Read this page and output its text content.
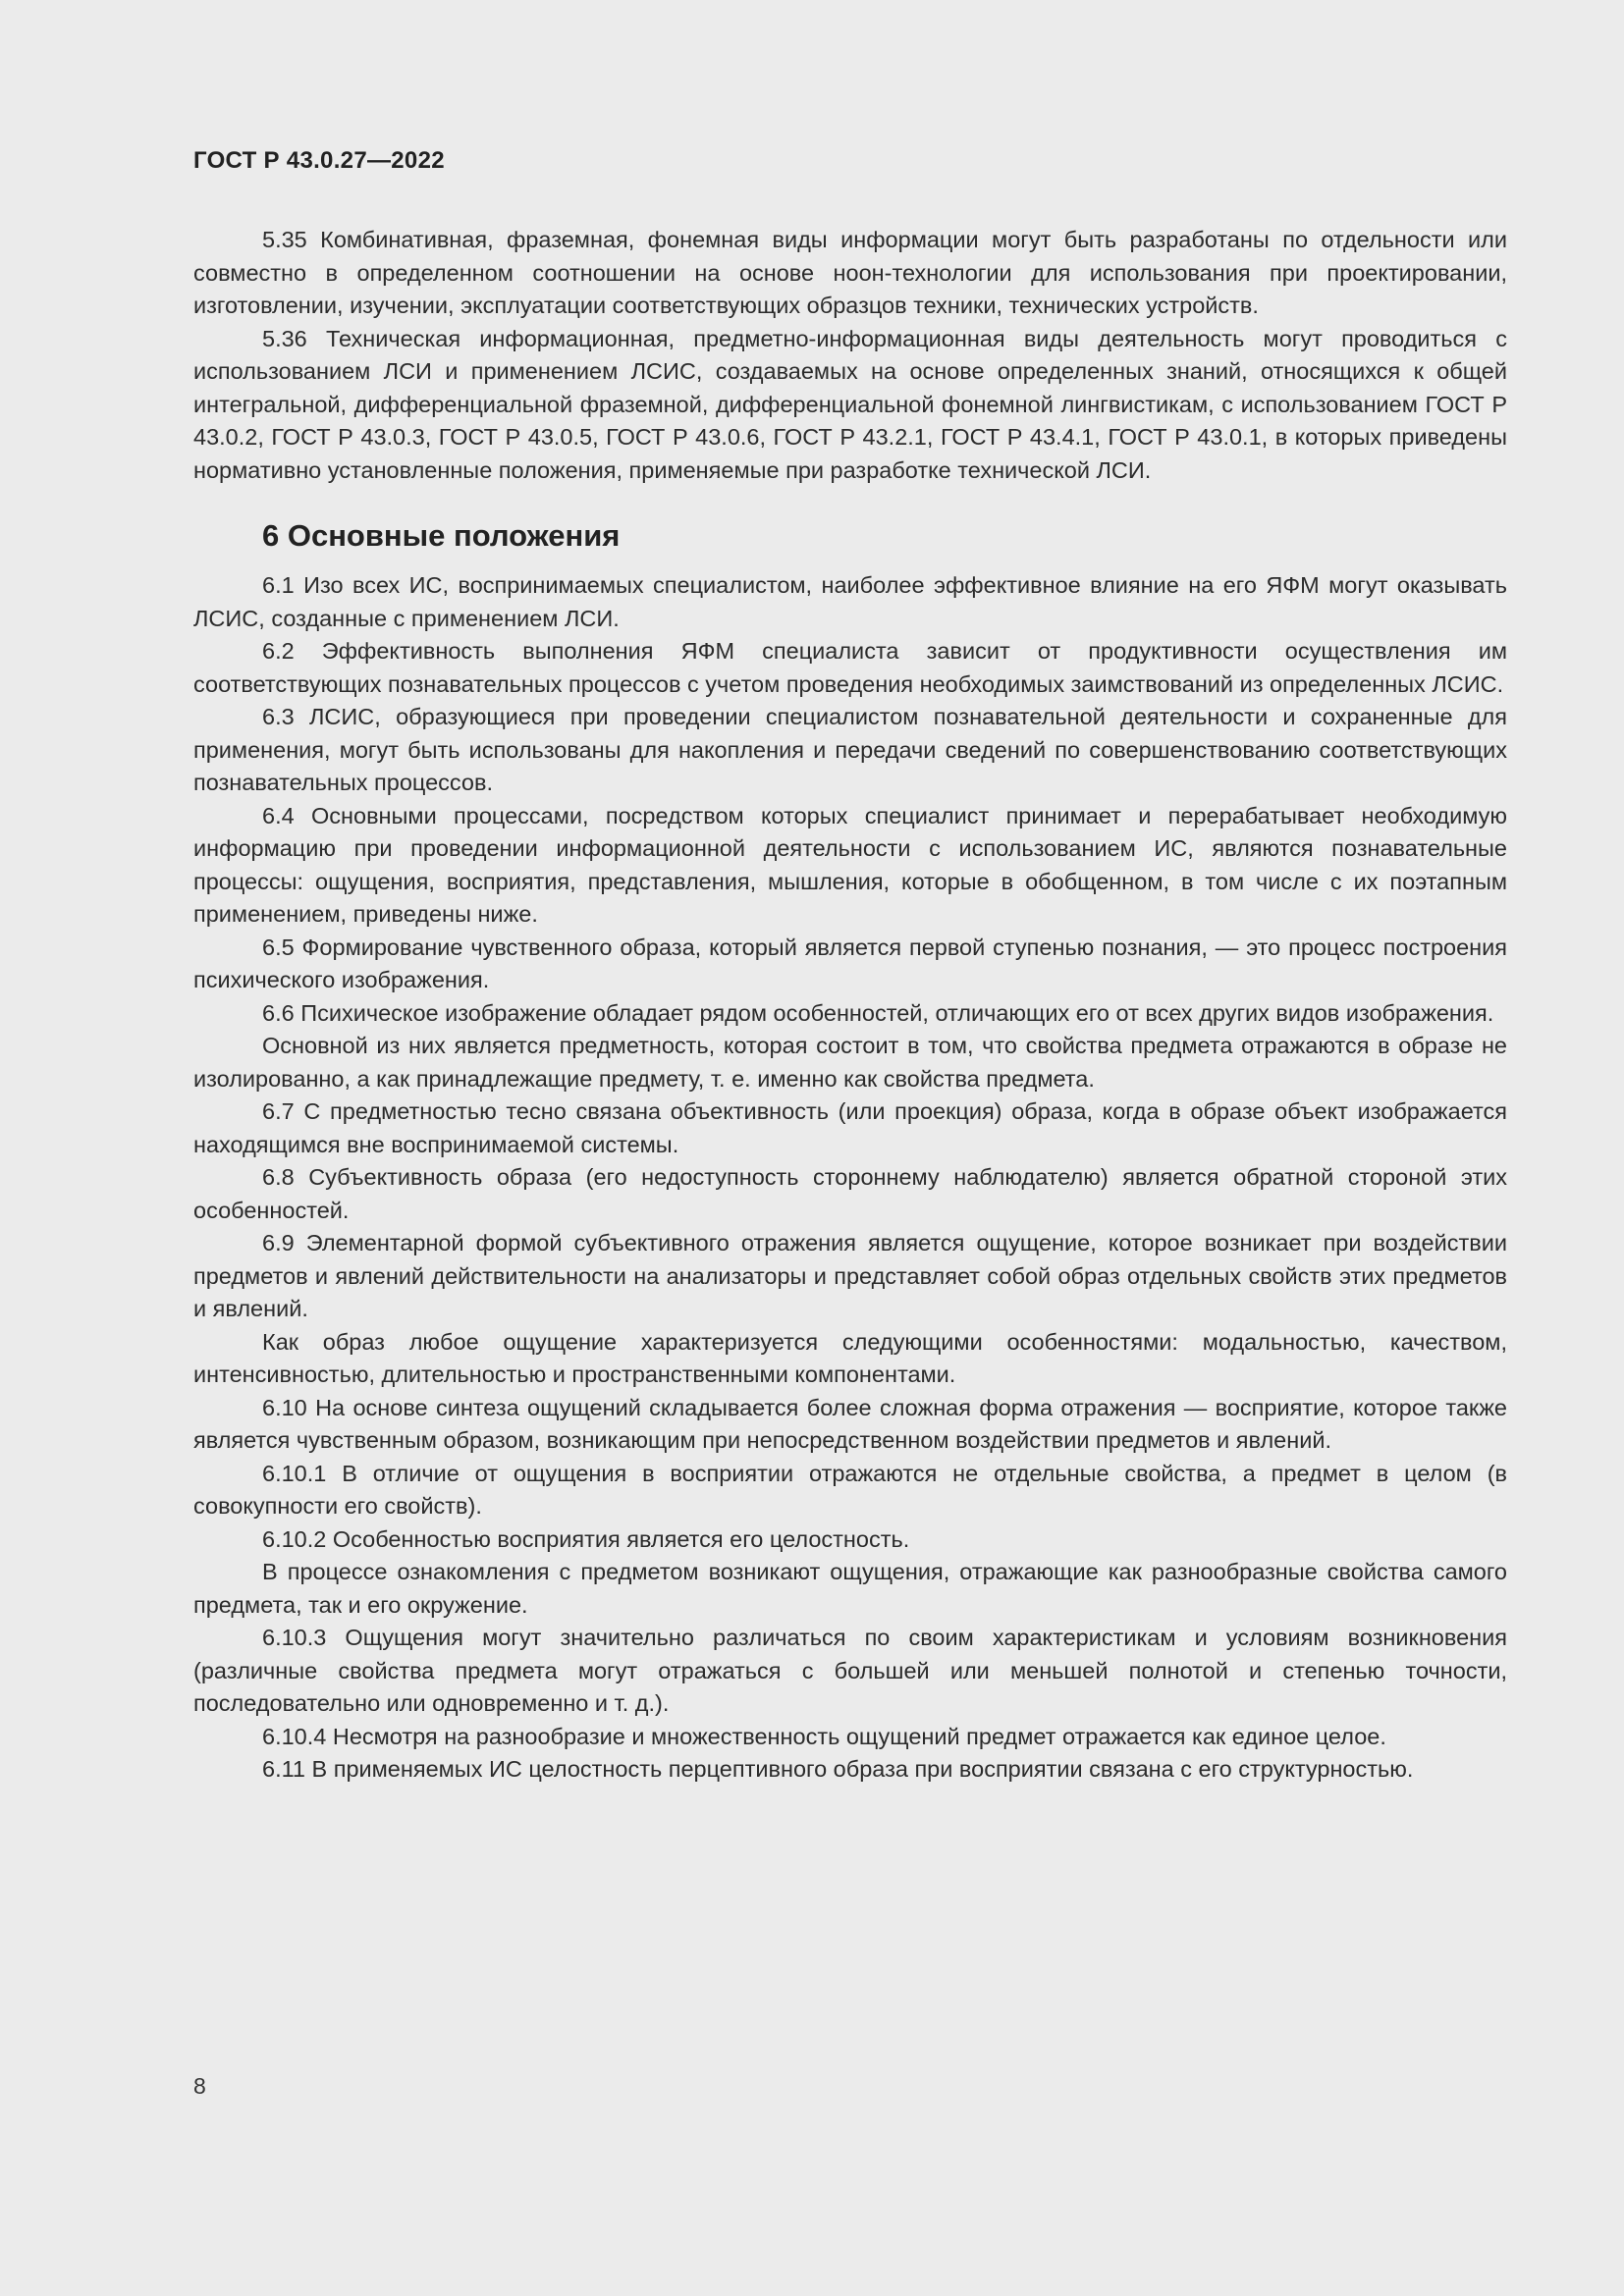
ГОСТ Р 43.0.27—2022

5.35 Комбинативная, фраземная, фонемная виды информации могут быть разработаны по отдельности или совместно в определенном соотношении на основе ноон-технологии для использования при проектировании, изготовлении, изучении, эксплуатации соответствующих образцов техники, технических устройств.

5.36 Техническая информационная, предметно-информационная виды деятельность могут проводиться с использованием ЛСИ и применением ЛСИС, создаваемых на основе определенных знаний, относящихся к общей интегральной, дифференциальной фраземной, дифференциальной фонемной лингвистикам, с использованием ГОСТ Р 43.0.2, ГОСТ Р 43.0.3, ГОСТ Р 43.0.5, ГОСТ Р 43.0.6, ГОСТ Р 43.2.1, ГОСТ Р 43.4.1, ГОСТ Р 43.0.1, в которых приведены нормативно установленные положения, применяемые при разработке технической ЛСИ.

6 Основные положения

6.1 Изо всех ИС, воспринимаемых специалистом, наиболее эффективное влияние на его ЯФМ могут оказывать ЛСИС, созданные с применением ЛСИ.

6.2 Эффективность выполнения ЯФМ специалиста зависит от продуктивности осуществления им соответствующих познавательных процессов с учетом проведения необходимых заимствований из определенных ЛСИС.

6.3 ЛСИС, образующиеся при проведении специалистом познавательной деятельности и сохраненные для применения, могут быть использованы для накопления и передачи сведений по совершенствованию соответствующих познавательных процессов.

6.4 Основными процессами, посредством которых специалист принимает и перерабатывает необходимую информацию при проведении информационной деятельности с использованием ИС, являются познавательные процессы: ощущения, восприятия, представления, мышления, которые в обобщенном, в том числе с их поэтапным применением, приведены ниже.

6.5 Формирование чувственного образа, который является первой ступенью познания, — это процесс построения психического изображения.

6.6 Психическое изображение обладает рядом особенностей, отличающих его от всех других видов изображения.

Основной из них является предметность, которая состоит в том, что свойства предмета отражаются в образе не изолированно, а как принадлежащие предмету, т. е. именно как свойства предмета.

6.7 С предметностью тесно связана объективность (или проекция) образа, когда в образе объект изображается находящимся вне воспринимаемой системы.

6.8 Субъективность образа (его недоступность стороннему наблюдателю) является обратной стороной этих особенностей.

6.9 Элементарной формой субъективного отражения является ощущение, которое возникает при воздействии предметов и явлений действительности на анализаторы и представляет собой образ отдельных свойств этих предметов и явлений.

Как образ любое ощущение характеризуется следующими особенностями: модальностью, качеством, интенсивностью, длительностью и пространственными компонентами.

6.10 На основе синтеза ощущений складывается более сложная форма отражения — восприятие, которое также является чувственным образом, возникающим при непосредственном воздействии предметов и явлений.

6.10.1 В отличие от ощущения в восприятии отражаются не отдельные свойства, а предмет в целом (в совокупности его свойств).

6.10.2 Особенностью восприятия является его целостность.

В процессе ознакомления с предметом возникают ощущения, отражающие как разнообразные свойства самого предмета, так и его окружение.

6.10.3 Ощущения могут значительно различаться по своим характеристикам и условиям возникновения (различные свойства предмета могут отражаться с большей или меньшей полнотой и степенью точности, последовательно или одновременно и т. д.).

6.10.4 Несмотря на разнообразие и множественность ощущений предмет отражается как единое целое.

6.11 В применяемых ИС целостность перцептивного образа при восприятии связана с его структурностью.

8
